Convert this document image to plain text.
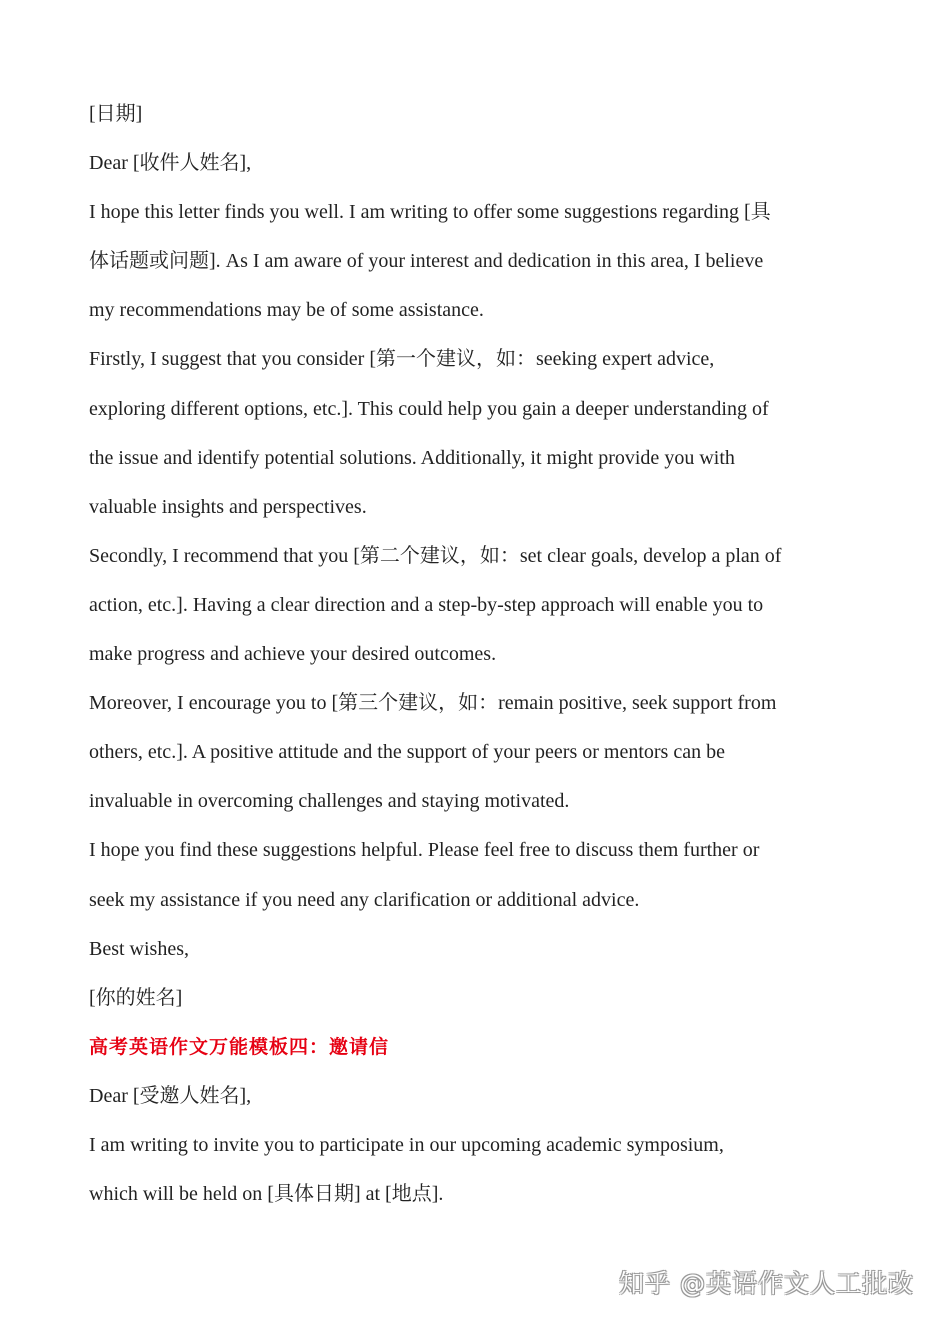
[日期]
Dear [收件人姓名],
I hope this letter finds you well. I am writing to offer some suggestions regarding [具
体话题或问题]. As I am aware of your interest and dedication in this area, I believe
my recommendations may be of some assistance.
Firstly, I suggest that you consider [第一个建议，如：seeking expert advice,
exploring different options, etc.]. This could help you gain a deeper understanding of
the issue and identify potential solutions. Additionally, it might provide you with
valuable insights and perspectives.
Secondly, I recommend that you [第二个建议，如：set clear goals, develop a plan of
action, etc.]. Having a clear direction and a step-by-step approach will enable you to
make progress and achieve your desired outcomes.
Moreover, I encourage you to [第三个建议，如：remain positive, seek support from
others, etc.]. A positive attitude and the support of your peers or mentors can be
invaluable in overcoming challenges and staying motivated.
I hope you find these suggestions helpful. Please feel free to discuss them further or
seek my assistance if you need any clarification or additional advice.
Best wishes,
[你的姓名]
高考英语作文万能模板四：邀请信
Dear [受邀人姓名],
I am writing to invite you to participate in our upcoming academic symposium,
which will be held on [具体日期] at [地点].
知乎 @英语作文人工批改
